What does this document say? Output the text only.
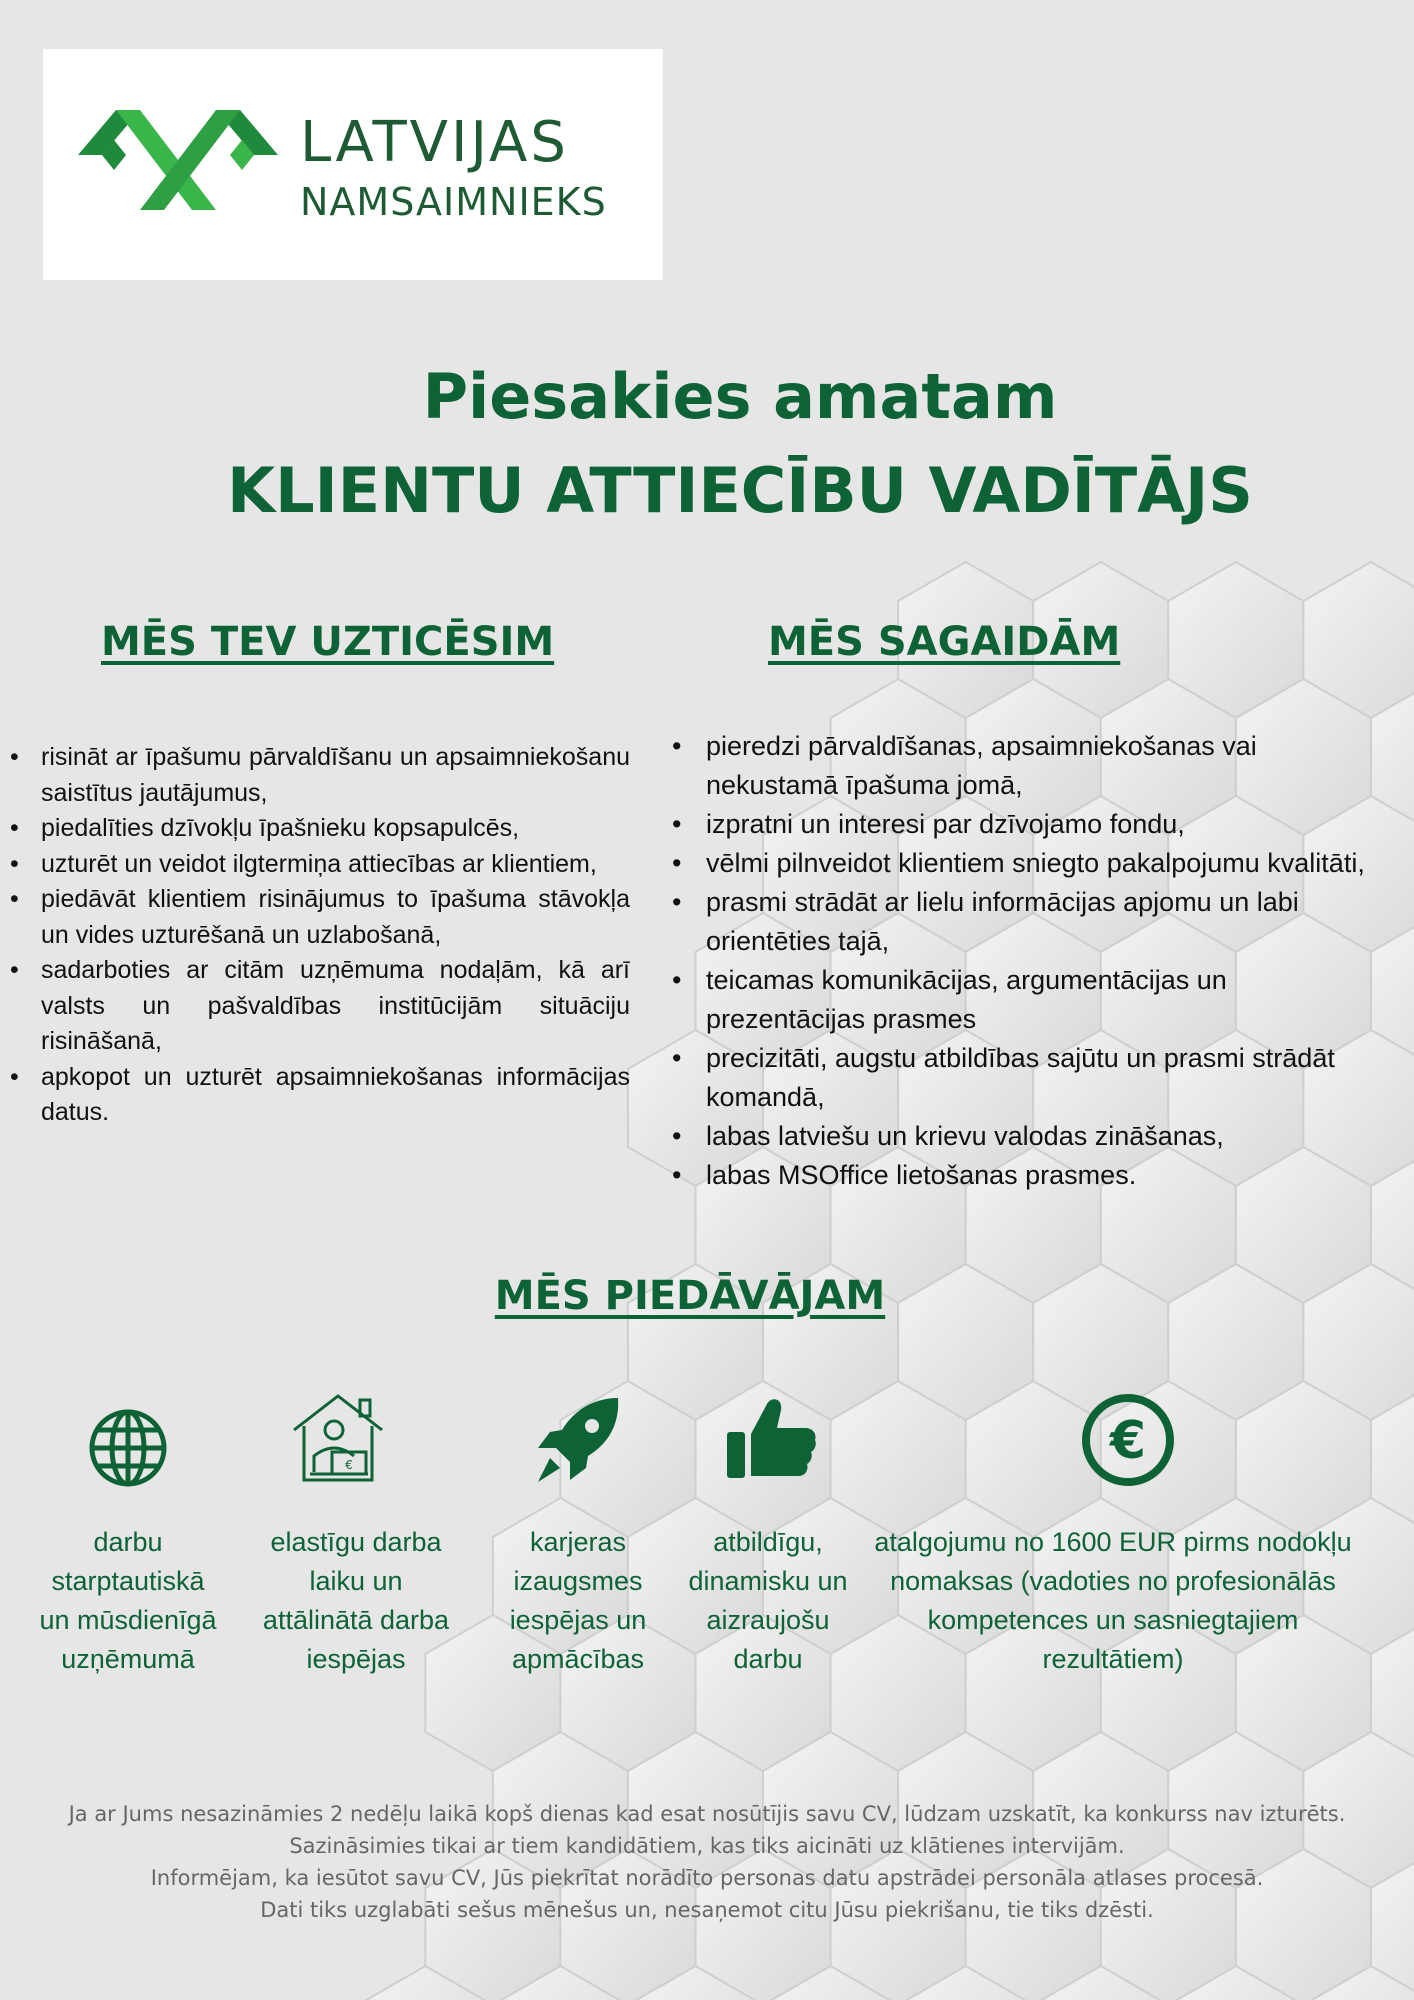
LATVIJAS
NAMSAIMNIEKS
Piesakies amatam
KLIENTU ATTIECĪBU VADĪTĀJS
MĒS TEV UZTICĒSIM	MĒS SAGAIDĀM
• risināt ar īpašumu pārvaldīšanu un apsaimniekošanu saistītus jautājumus,
• piedalīties dzīvokļu īpašnieku kopsapulcēs,
• uzturēt un veidot ilgtermiņa attiecības ar klientiem,
• piedāvāt klientiem risinājumus to īpašuma stāvokļa un vides uzturēšanā un uzlabošanā,
• sadarboties ar citām uzņēmuma nodaļām, kā arī valsts un pašvaldības institūcijām situāciju risināšanā,
• apkopot un uzturēt apsaimniekošanas informācijas datus.
• pieredzi pārvaldīšanas, apsaimniekošanas vai nekustamā īpašuma jomā,
• izpratni un interesi par dzīvojamo fondu,
• vēlmi pilnveidot klientiem sniegto pakalpojumu kvalitāti,
• prasmi strādāt ar lielu informācijas apjomu un labi orientēties tajā,
• teicamas komunikācijas, argumentācijas un prezentācijas prasmes
• precizitāti, augstu atbildības sajūtu un prasmi strādāt komandā,
• labas latviešu un krievu valodas zināšanas,
• labas MSOffice lietošanas prasmes.
MĒS PIEDĀVĀJAM
€	€
darbu
starptautiskā
un mūsdienīgā
uzņēmumā
elastīgu darba
laiku un
attālinātā darba
iespējas
karjeras
izaugsmes
iespējas un
apmācības
atbildīgu,
dinamisku un
aizraujošu
darbu
atalgojumu no 1600 EUR pirms nodokļu
nomaksas (vadoties no profesionālās
kompetences un sasniegtajiem
rezultātiem)
Ja ar Jums nesazināmies 2 nedēļu laikā kopš dienas kad esat nosūtījis savu CV, lūdzam uzskatīt, ka konkurss nav izturēts.
Sazināsimies tikai ar tiem kandidātiem, kas tiks aicināti uz klātienes intervijām.
Informējam, ka iesūtot savu CV, Jūs piekrītat norādīto personas datu apstrādei personāla atlases procesā.
Dati tiks uzglabāti sešus mēnešus un, nesaņemot citu Jūsu piekrišanu, tie tiks dzēsti.
